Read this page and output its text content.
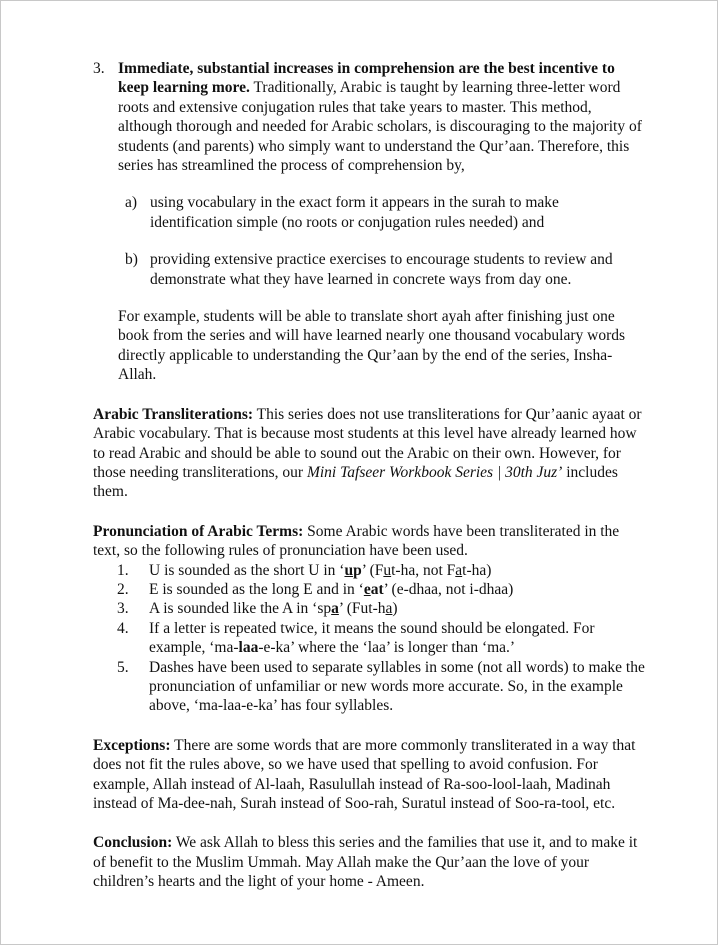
3. Immediate, substantial increases in comprehension are the best incentive to keep learning more. Traditionally, Arabic is taught by learning three-letter word roots and extensive conjugation rules that take years to master. This method, although thorough and needed for Arabic scholars, is discouraging to the majority of students (and parents) who simply want to understand the Qur’aan. Therefore, this series has streamlined the process of comprehension by,
a) using vocabulary in the exact form it appears in the surah to make identification simple (no roots or conjugation rules needed) and
b) providing extensive practice exercises to encourage students to review and demonstrate what they have learned in concrete ways from day one.
For example, students will be able to translate short ayah after finishing just one book from the series and will have learned nearly one thousand vocabulary words directly applicable to understanding the Qur’aan by the end of the series, Insha-Allah.
Arabic Transliterations: This series does not use transliterations for Qur’aanic ayaat or Arabic vocabulary. That is because most students at this level have already learned how to read Arabic and should be able to sound out the Arabic on their own. However, for those needing transliterations, our Mini Tafseer Workbook Series | 30th Juz’ includes them.
Pronunciation of Arabic Terms: Some Arabic words have been transliterated in the text, so the following rules of pronunciation have been used.
1. U is sounded as the short U in ‘up’ (Fut-ha, not Fat-ha)
2. E is sounded as the long E and in ‘eat’ (e-dhaa, not i-dhaa)
3. A is sounded like the A in ‘spa’ (Fut-ha)
4. If a letter is repeated twice, it means the sound should be elongated. For example, ‘ma-laa-e-ka’ where the ‘laa’ is longer than ‘ma.’
5. Dashes have been used to separate syllables in some (not all words) to make the pronunciation of unfamiliar or new words more accurate. So, in the example above, ‘ma-laa-e-ka’ has four syllables.
Exceptions: There are some words that are more commonly transliterated in a way that does not fit the rules above, so we have used that spelling to avoid confusion. For example, Allah instead of Al-laah, Rasulullah instead of Ra-soo-lool-laah, Madinah instead of Ma-dee-nah, Surah instead of Soo-rah, Suratul instead of Soo-ra-tool, etc.
Conclusion: We ask Allah to bless this series and the families that use it, and to make it of benefit to the Muslim Ummah. May Allah make the Qur’aan the love of your children’s hearts and the light of your home - Ameen.
